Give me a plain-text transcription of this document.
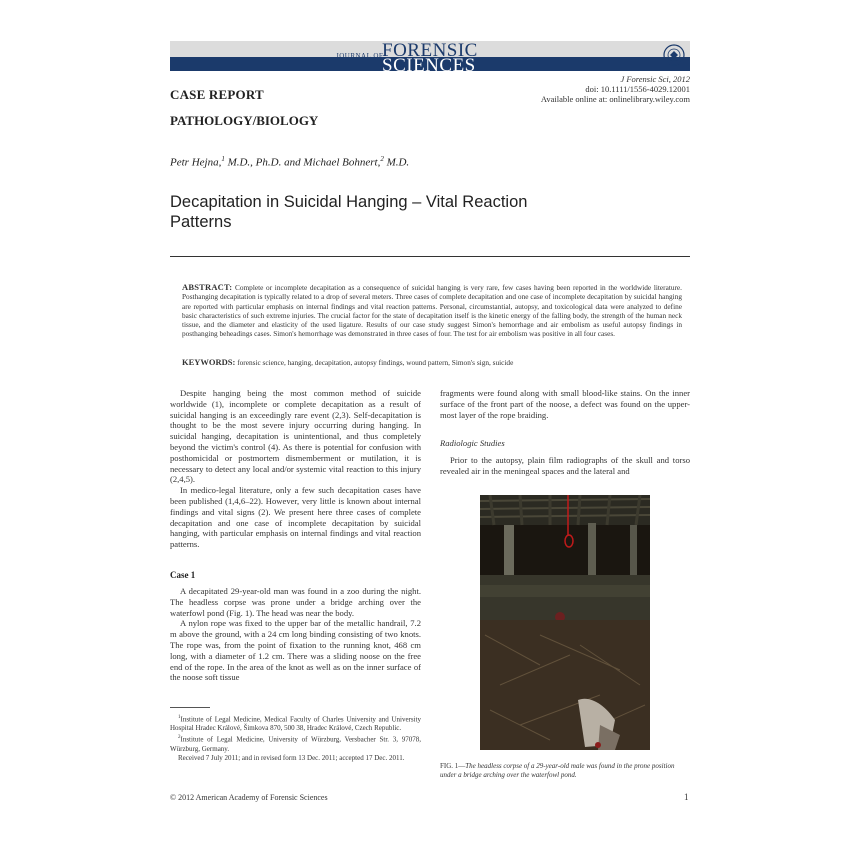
JOURNAL OF
FORENSIC
SCIENCES
J Forensic Sci, 2012
doi: 10.1111/1556-4029.12001
Available online at: onlinelibrary.wiley.com
CASE REPORT
PATHOLOGY/BIOLOGY
Petr Hejna,$^1$ M.D., Ph.D. and Michael Bohnert,$^2$ M.D.
Decapitation in Suicidal Hanging – Vital Reaction Patterns
ABSTRACT: Complete or incomplete decapitation as a consequence of suicidal hanging is very rare, few cases having been reported in the worldwide literature. Posthanging decapitation is typically related to a drop of several meters. Three cases of complete decapitation and one case of incomplete decapitation by suicidal hanging are reported with particular emphasis on internal findings and vital reaction patterns. Personal, circumstantial, autopsy, and toxicological data were analyzed to define basic characteristics of such extreme injuries. The crucial factor for the state of decapitation itself is the kinetic energy of the falling body, the strength of the human neck tissue, and the diameter and elasticity of the used ligature. Results of our case study suggest Simon's hemorrhage and air embolism as useful autopsy findings in posthanging beheadings cases. Simon's hemorrhage was demonstrated in three cases of four. The test for air embolism was positive in all four cases.
KEYWORDS: forensic science, hanging, decapitation, autopsy findings, wound pattern, Simon's sign, suicide

Despite hanging being the most common method of suicide worldwide (1), incomplete or complete decapitation as a result of suicidal hanging is an exceedingly rare event (2,3). Self-decapitation is thought to be the most severe injury occurring during hanging. In suicidal hanging, decapitation is unintentional, and thus completely beyond the victim's control (4). As there is potential for confusion with posthomicidal or postmortem dismemberment or mutilation, it is necessary to detect any local and/or systemic vital reaction to this injury (2,4,5).

In medico-legal literature, only a few such decapitation cases have been published (1,4,6–22). However, very little is known about internal findings and vital signs (2). We present here three cases of complete decapitation and one case of incomplete decapitation by suicidal hanging, with particular emphasis on internal findings and vital reaction patterns.

Case 1

A decapitated 29-year-old man was found in a zoo during the night. The headless corpse was prone under a bridge arching over the waterfowl pond (Fig. 1). The head was near the body.

A nylon rope was fixed to the upper bar of the metallic handrail, 7.2 m above the ground, with a 24 cm long binding consisting of two knots. The rope was, from the point of fixation to the running knot, 468 cm long, with a diameter of 1.2 cm. There was a sliding noose on the free end of the rope. In the area of the knot as well as on the inner surface of the noose soft tissue

$^1$Institute of Legal Medicine, Medical Faculty of Charles University and University Hospital Hradec Králové, Šimkova 870, 500 38, Hradec Králové, Czech Republic.

$^2$Institute of Legal Medicine, University of Würzburg, Versbacher Str. 3, 97078, Würzburg, Germany.

Received 7 July 2011; and in revised form 13 Dec. 2011; accepted 17 Dec. 2011.

fragments were found along with small blood-like stains. On the inner surface of the front part of the noose, a defect was found on the upper-most layer of the rope braiding.
Radiologic Studies
Prior to the autopsy, plain film radiographs of the skull and torso revealed air in the meningeal spaces and the lateral and
FIG. 1—The headless corpse of a 29-year-old male was found in the prone position under a bridge arching over the waterfowl pond.
© 2012 American Academy of Forensic Sciences	1
